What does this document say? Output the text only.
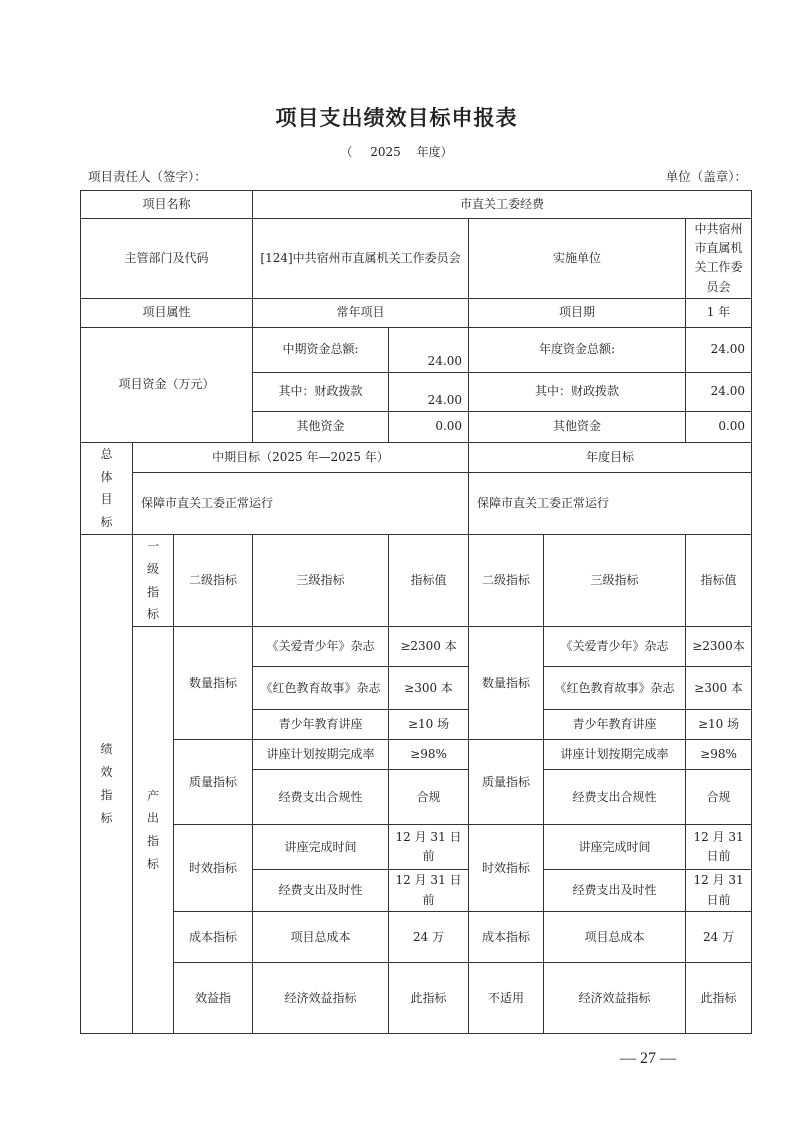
项目支出绩效目标申报表
（ 2025 年度）
项目责任人（签字）：	单位（盖章）：
项目名称			市直关工委经费					
主管部门及代码			[124]中共宿州市直属机关工作委员会		实施单位		中共宿州市直属机关工作委员会	
项目属性			常年项目		项目期		1 年	
项目资金（万元）			中期资金总额:	24.00	年度资金总额:		24.00	
			其中：财政拨款	24.00	其中：财政拨款		24.00	
			其他资金	0.00	其他资金		0.00	
总体目标	中期目标（2025 年—2025 年）				年度目标			
	保障市直关工委正常运行				保障市直关工委正常运行			
绩效指标	一级指标	二级指标	三级指标	指标值	二级指标	三级指标	指标值	
	产出指标	数量指标	《关爱青少年》杂志	≥2300 本	数量指标	《关爱青少年》杂志	≥2300本	
			《红色教育故事》杂志	≥300 本		《红色教育故事》杂志	≥300 本	
			青少年教育讲座	≥10 场		青少年教育讲座	≥10 场	
		质量指标	讲座计划按期完成率	≥98%	质量指标	讲座计划按期完成率	≥98%	
			经费支出合规性	合规		经费支出合规性	合规	
		时效指标	讲座完成时间	12 月 31 日前	时效指标	讲座完成时间	12 月 31日前	
			经费支出及时性	12 月 31 日前		经费支出及时性	12 月 31日前	
		成本指标	项目总成本	24 万	成本指标	项目总成本	24 万	
		效益指	经济效益指标	此指标	不适用	经济效益指标	此指标	
— 27 —
